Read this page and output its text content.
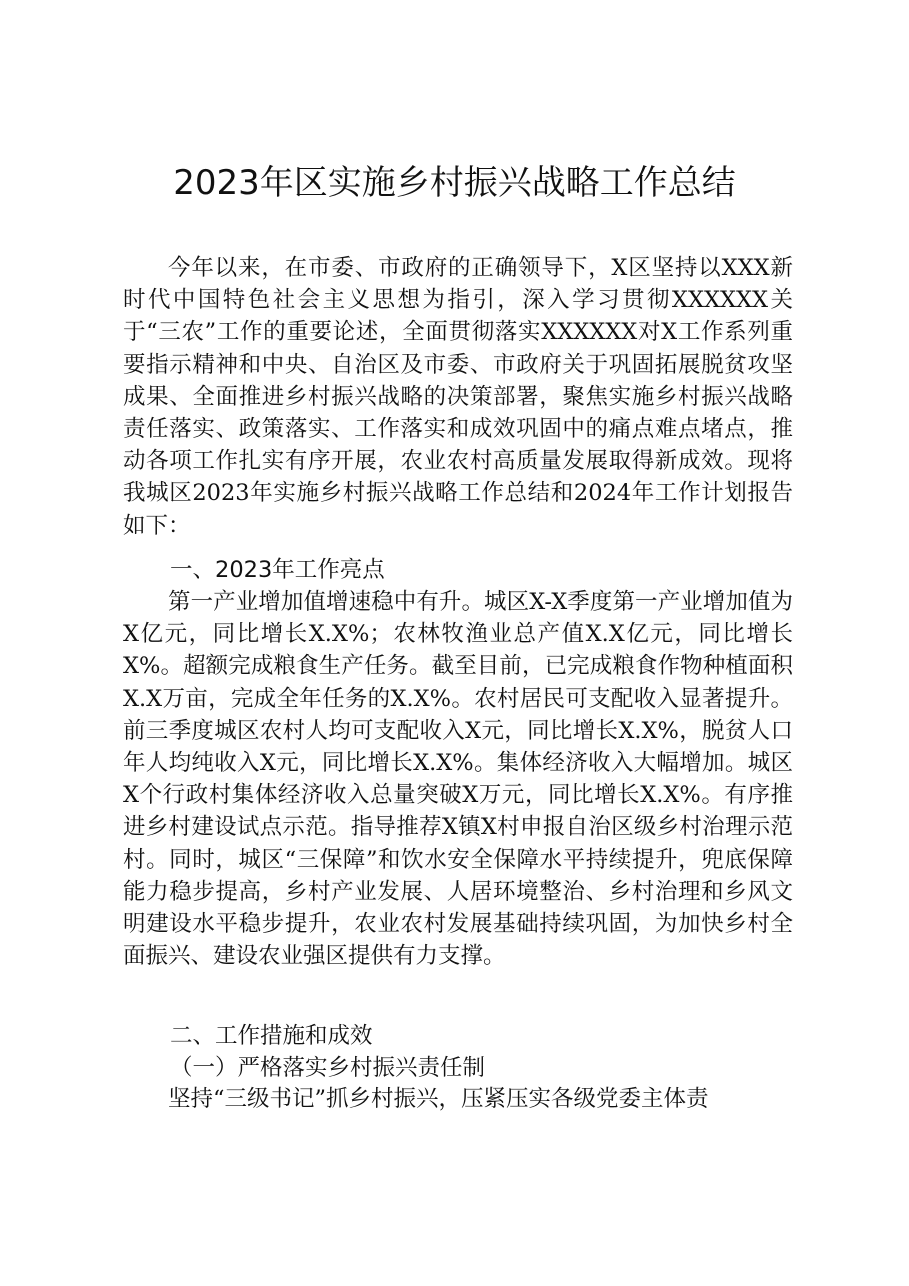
2023年区实施乡村振兴战略工作总结

今年以来，在市委、市政府的正确领导下，X区坚持以XXX新时代中国特色社会主义思想为指引，深入学习贯彻XXXXXX关于“三农”工作的重要论述，全面贯彻落实XXXXXX对X工作系列重要指示精神和中央、自治区及市委、市政府关于巩固拓展脱贫攻坚成果、全面推进乡村振兴战略的决策部署，聚焦实施乡村振兴战略责任落实、政策落实、工作落实和成效巩固中的痛点难点堵点，推动各项工作扎实有序开展，农业农村高质量发展取得新成效。现将我城区2023年实施乡村振兴战略工作总结和2024年工作计划报告如下：

一、2023年工作亮点

第一产业增加值增速稳中有升。城区X-X季度第一产业增加值为X亿元，同比增长X.X%；农林牧渔业总产值X.X亿元，同比增长X%。超额完成粮食生产任务。截至目前，已完成粮食作物种植面积X.X万亩，完成全年任务的X.X%。农村居民可支配收入显著提升。前三季度城区农村人均可支配收入X元，同比增长X.X%，脱贫人口年人均纯收入X元，同比增长X.X%。集体经济收入大幅增加。城区X个行政村集体经济收入总量突破X万元，同比增长X.X%。有序推进乡村建设试点示范。指导推荐X镇X村申报自治区级乡村治理示范村。同时，城区“三保障”和饮水安全保障水平持续提升，兜底保障能力稳步提高，乡村产业发展、人居环境整治、乡村治理和乡风文明建设水平稳步提升，农业农村发展基础持续巩固，为加快乡村全面振兴、建设农业强区提供有力支撑。

二、工作措施和成效
（一）严格落实乡村振兴责任制

坚持“三级书记”抓乡村振兴，压紧压实各级党委主体责
